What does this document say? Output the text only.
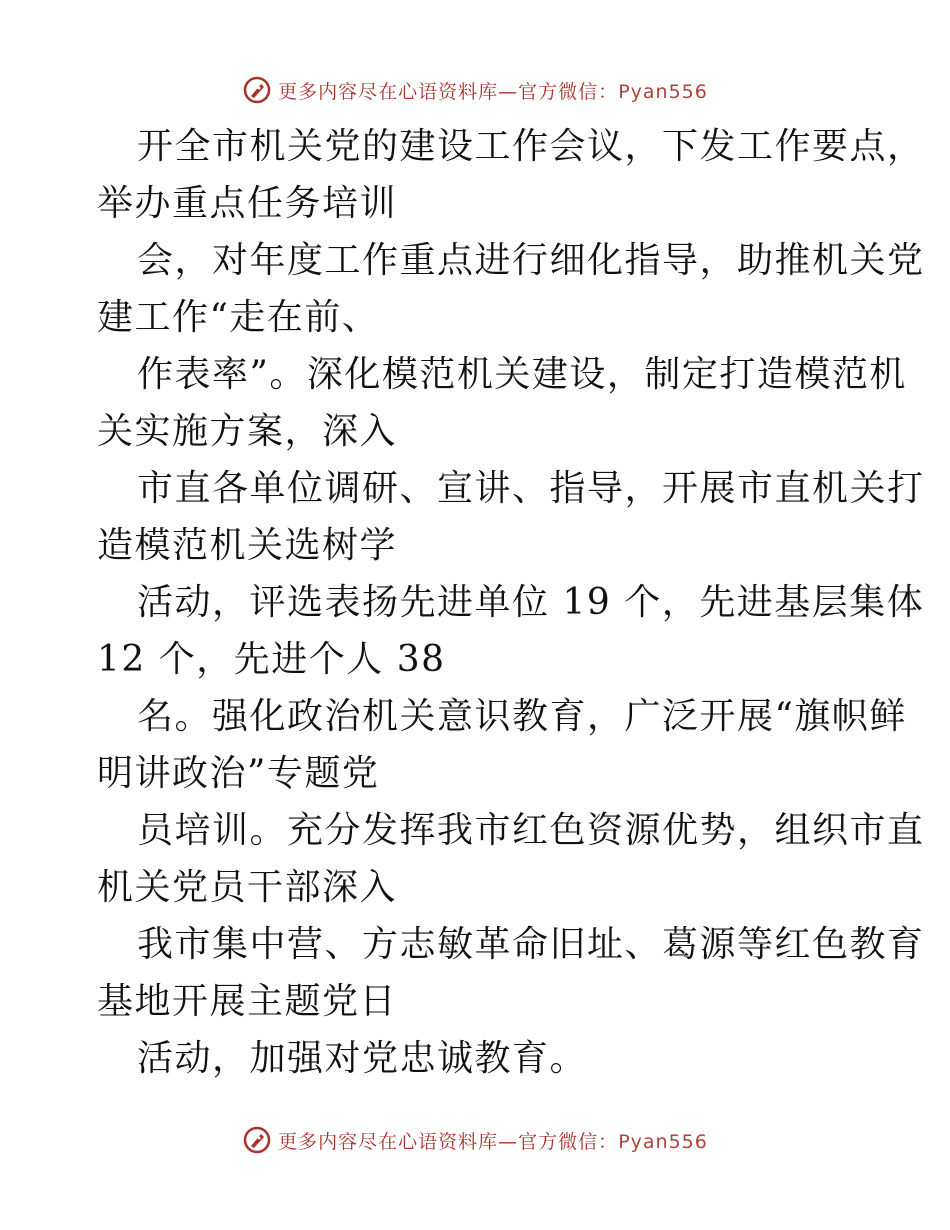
更多内容尽在心语资料库—官方微信：Pyan556
开全市机关党的建设工作会议，下发工作要点，
举办重点任务培训
会，对年度工作重点进行细化指导，助推机关党
建工作“走在前、
作表率”。深化模范机关建设，制定打造模范机
关实施方案，深入
市直各单位调研、宣讲、指导，开展市直机关打
造模范机关选树学
活动，评选表扬先进单位 19 个，先进基层集体
12 个，先进个人 38
名。强化政治机关意识教育，广泛开展“旗帜鲜
明讲政治”专题党
员培训。充分发挥我市红色资源优势，组织市直
机关党员干部深入
我市集中营、方志敏革命旧址、葛源等红色教育
基地开展主题党日
活动，加强对党忠诚教育。
更多内容尽在心语资料库—官方微信：Pyan556
